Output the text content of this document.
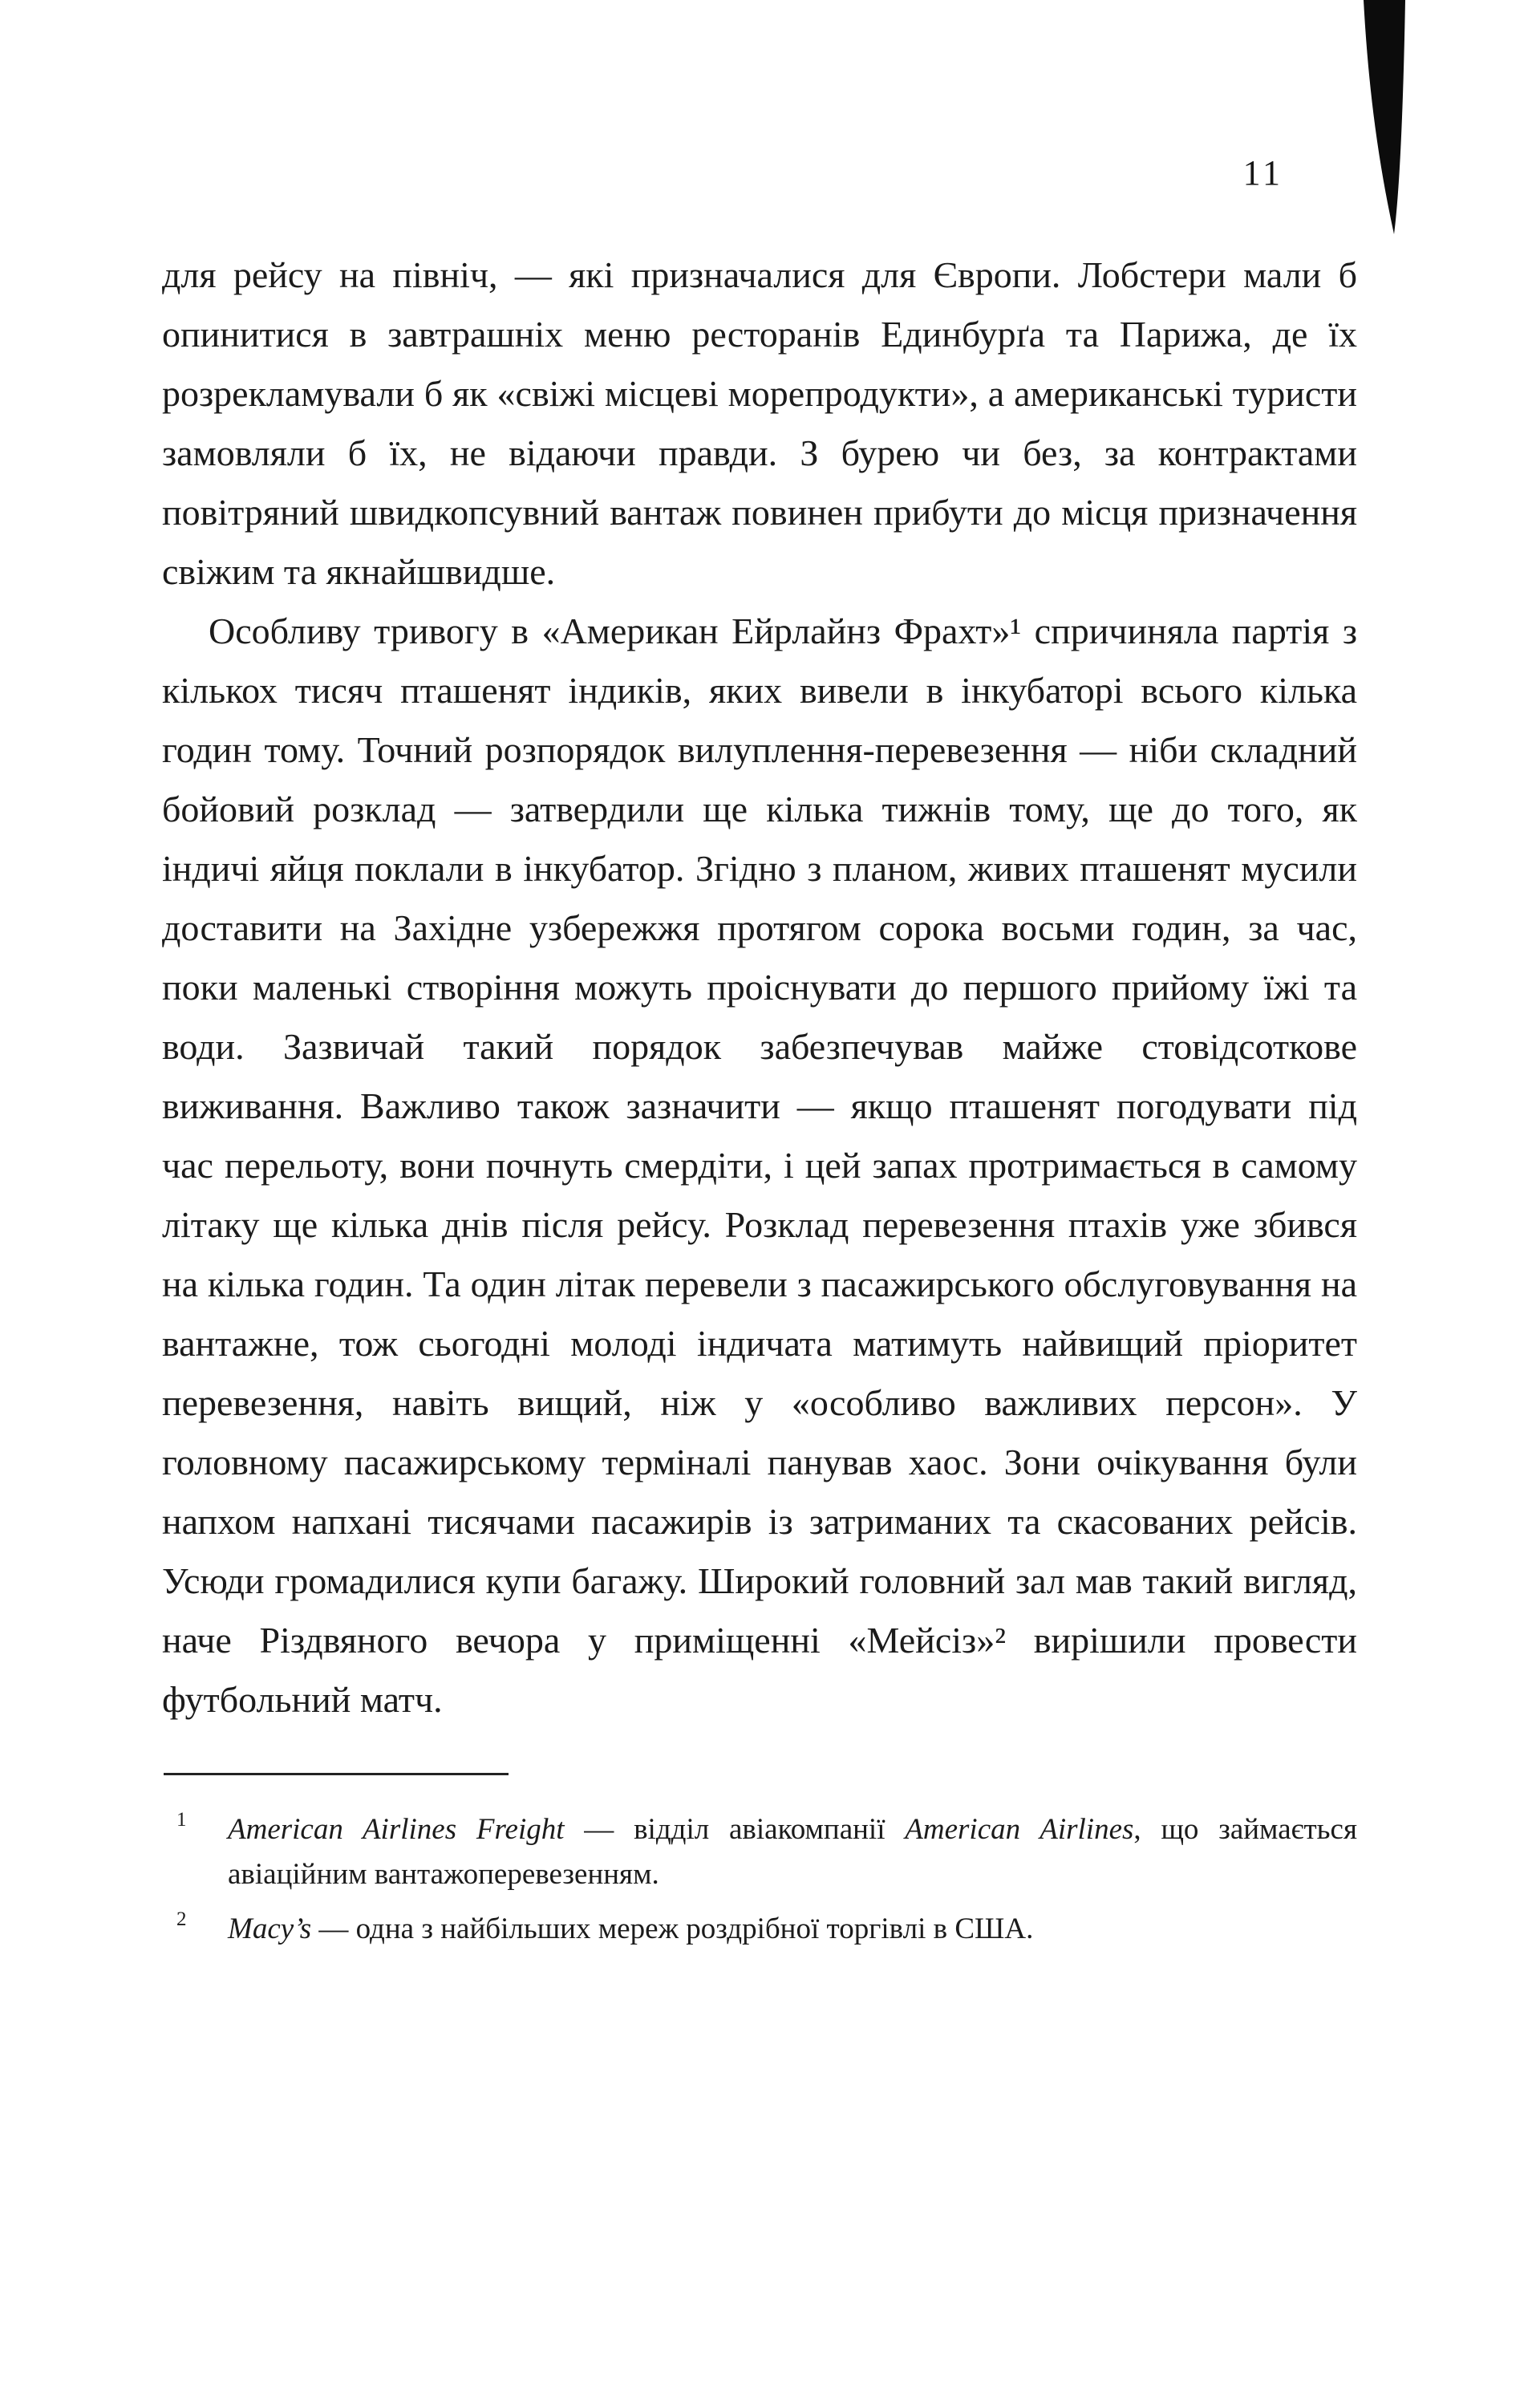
11

для рейсу на північ, — які призначалися для Європи. Лобстери мали б опинитися в завтрашніх меню ресторанів Единбурґа та Парижа, де їх розрекламували б як «свіжі місцеві морепродукти», а американські туристи замовляли б їх, не відаючи правди. З бурею чи без, за контрактами повітряний швидкопсувний вантаж повинен прибути до місця призначення свіжим та якнайшвидше.

Особливу тривогу в «Американ Ейрлайнз Фрахт»¹ спричиняла партія з кількох тисяч пташенят індиків, яких вивели в інкубаторі всього кілька годин тому. Точний розпорядок вилуплення-перевезення — ніби складний бойовий розклад — затвердили ще кілька тижнів тому, ще до того, як індичі яйця поклали в інкубатор. Згідно з планом, живих пташенят мусили доставити на Західне узбережжя протягом сорока восьми годин, за час, поки маленькі створіння можуть проіснувати до першого прийому їжі та води. Зазвичай такий порядок забезпечував майже стовідсоткове виживання. Важливо також зазначити — якщо пташенят погодувати під час перельоту, вони почнуть смердіти, і цей запах протримається в самому літаку ще кілька днів після рейсу. Розклад перевезення птахів уже збився на кілька годин. Та один літак перевели з пасажирського обслуговування на вантажне, тож сьогодні молоді індичата матимуть найвищий пріоритет перевезення, навіть вищий, ніж у «особливо важливих персон». У головному пасажирському терміналі панував хаос. Зони очікування були напхом напхані тисячами пасажирів із затриманих та скасованих рейсів. Усюди громадилися купи багажу. Широкий головний зал мав такий вигляд, наче Різдвяного вечора у приміщенні «Мейсіз»² вирішили провести футбольний матч.

1 American Airlines Freight — відділ авіакомпанії American Airlines, що займається авіаційним вантажоперевезенням.

2 Macy’s — одна з найбільших мереж роздрібної торгівлі в США.
